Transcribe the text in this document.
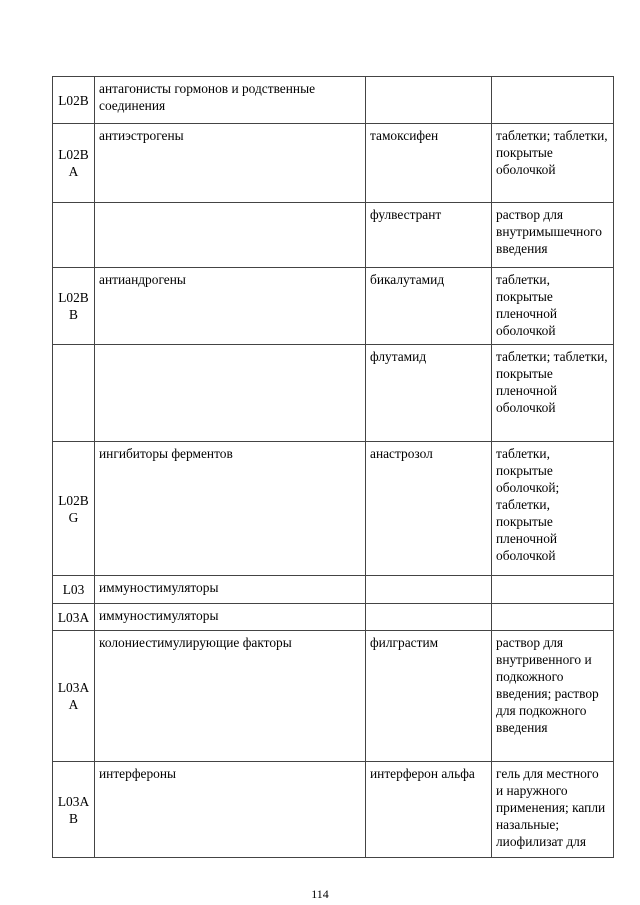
L02B	антагонисты гормонов и родственные соединения		
L02B A	антиэстрогены	тамоксифен	таблетки; таблетки, покрытые оболочкой
		фулвестрант	раствор для внутримышечного введения
L02B B	антиандрогены	бикалутамид	таблетки, покрытые пленочной оболочкой
		флутамид	таблетки; таблетки, покрытые пленочной оболочкой
L02B G	ингибиторы ферментов	анастрозол	таблетки, покрытые оболочкой; таблетки, покрытые пленочной оболочкой
L03	иммуностимуляторы		
L03A	иммуностимуляторы		
L03A A	колониестимулирующие факторы	филграстим	раствор для внутривенного и подкожного введения; раствор для подкожного введения
L03A B	интерфероны	интерферон альфа	гель для местного и наружного применения; капли назальные; лиофилизат для
114
